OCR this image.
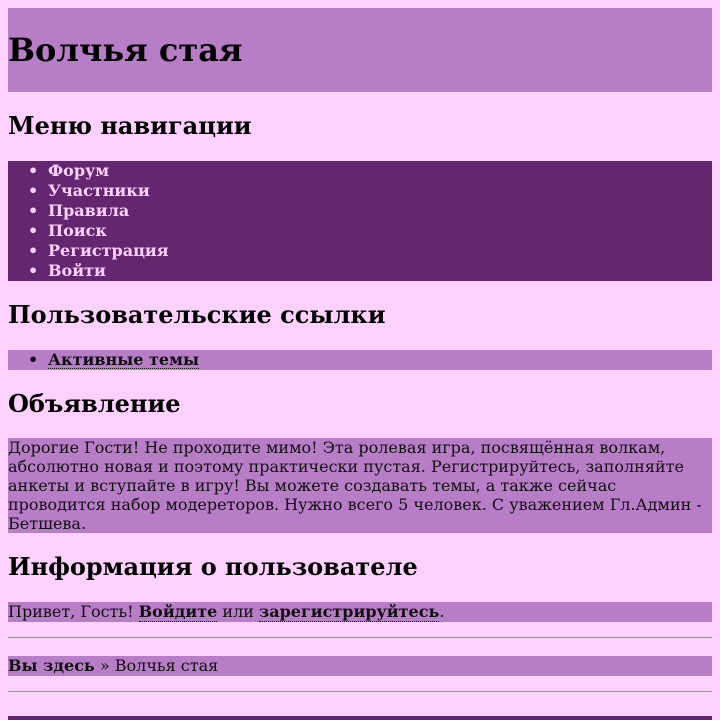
Волчья стая
Меню навигации
• Форум
• Участники
• Правила
• Поиск
• Регистрация
• Войти
Пользовательские ссылки
• Активные темы
Объявление
Дорогие Гости! Не проходите мимо! Эта ролевая игра, посвящённая волкам, абсолютно новая и поэтому практически пустая. Регистрируйтесь, заполняйте анкеты и вступайте в игру! Вы можете создавать темы, а также сейчас проводится набор модереторов. Нужно всего 5 человек. С уважением Гл.Админ - Бетшева.
Информация о пользователе
Привет, Гость! Войдите или зарегистрируйтесь.
Вы здесь » Волчья стая
